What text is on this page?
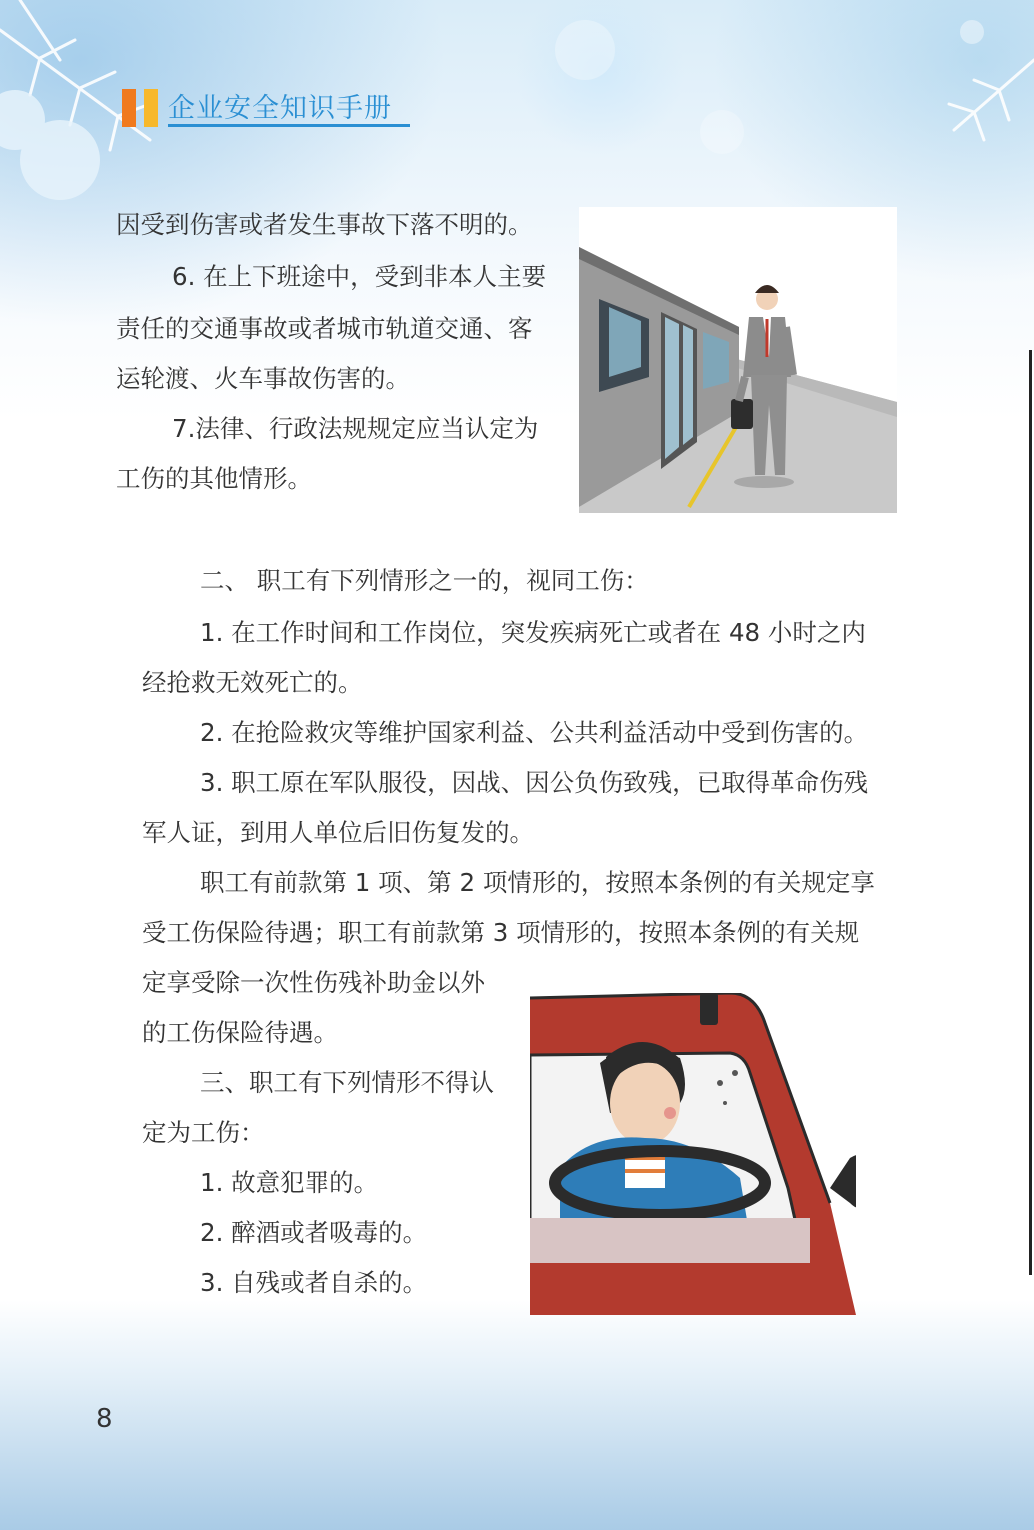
企业安全知识手册
因受到伤害或者发生事故下落不明的。
6. 在上下班途中，受到非本人主要
责任的交通事故或者城市轨道交通、客
运轮渡、火车事故伤害的。
7.法律、行政法规规定应当认定为
工伤的其他情形。
二、 职工有下列情形之一的，视同工伤：
1. 在工作时间和工作岗位，突发疾病死亡或者在 48 小时之内
经抢救无效死亡的。
2. 在抢险救灾等维护国家利益、公共利益活动中受到伤害的。
3. 职工原在军队服役，因战、因公负伤致残，已取得革命伤残
军人证，到用人单位后旧伤复发的。
职工有前款第 1 项、第 2 项情形的，按照本条例的有关规定享
受工伤保险待遇；职工有前款第 3 项情形的，按照本条例的有关规
定享受除一次性伤残补助金以外
的工伤保险待遇。
三、职工有下列情形不得认
定为工伤：
1. 故意犯罪的。
2. 醉酒或者吸毒的。
3. 自残或者自杀的。
8
